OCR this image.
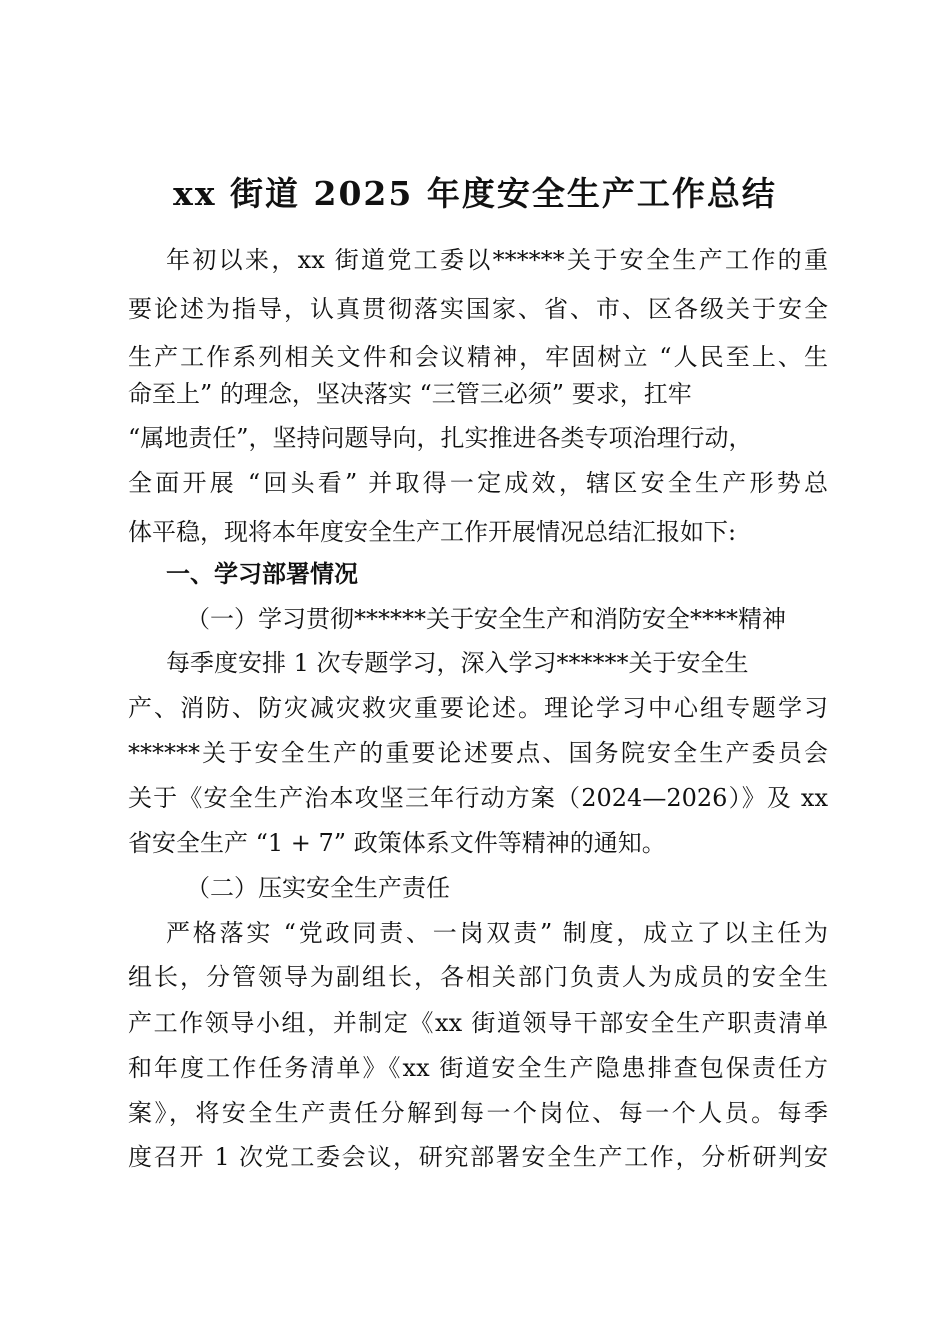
xx 街道 2025 年度安全生产工作总结

年初以来，xx 街道党工委以******关于安全生产工作的重

要论述为指导，认真贯彻落实国家、省、市、区各级关于安全

生产工作系列相关文件和会议精神，牢固树立 “人民至上、生

命至上” 的理念，坚决落实 “三管三必须” 要求，扛牢

“属地责任”，坚持问题导向，扎实推进各类专项治理行动，

全面开展 “回头看” 并取得一定成效，辖区安全生产形势总

体平稳，现将本年度安全生产工作开展情况总结汇报如下:

一、学习部署情况
（一）学习贯彻******关于安全生产和消防安全****精神

每季度安排 1 次专题学习，深入学习******关于安全生

产、消防、防灾减灾救灾重要论述。理论学习中心组专题学习

******关于安全生产的重要论述要点、国务院安全生产委员会

关于《安全生产治本攻坚三年行动方案（2024—2026）》及 xx

省安全生产 “1 + 7” 政策体系文件等精神的通知。

（二）压实安全生产责任

严格落实 “党政同责、一岗双责” 制度，成立了以主任为

组长，分管领导为副组长，各相关部门负责人为成员的安全生

产工作领导小组，并制定《xx 街道领导干部安全生产职责清单

和年度工作任务清单》《xx 街道安全生产隐患排查包保责任方

案》，将安全生产责任分解到每一个岗位、每一个人员。每季

度召开 1 次党工委会议，研究部署安全生产工作，分析研判安
